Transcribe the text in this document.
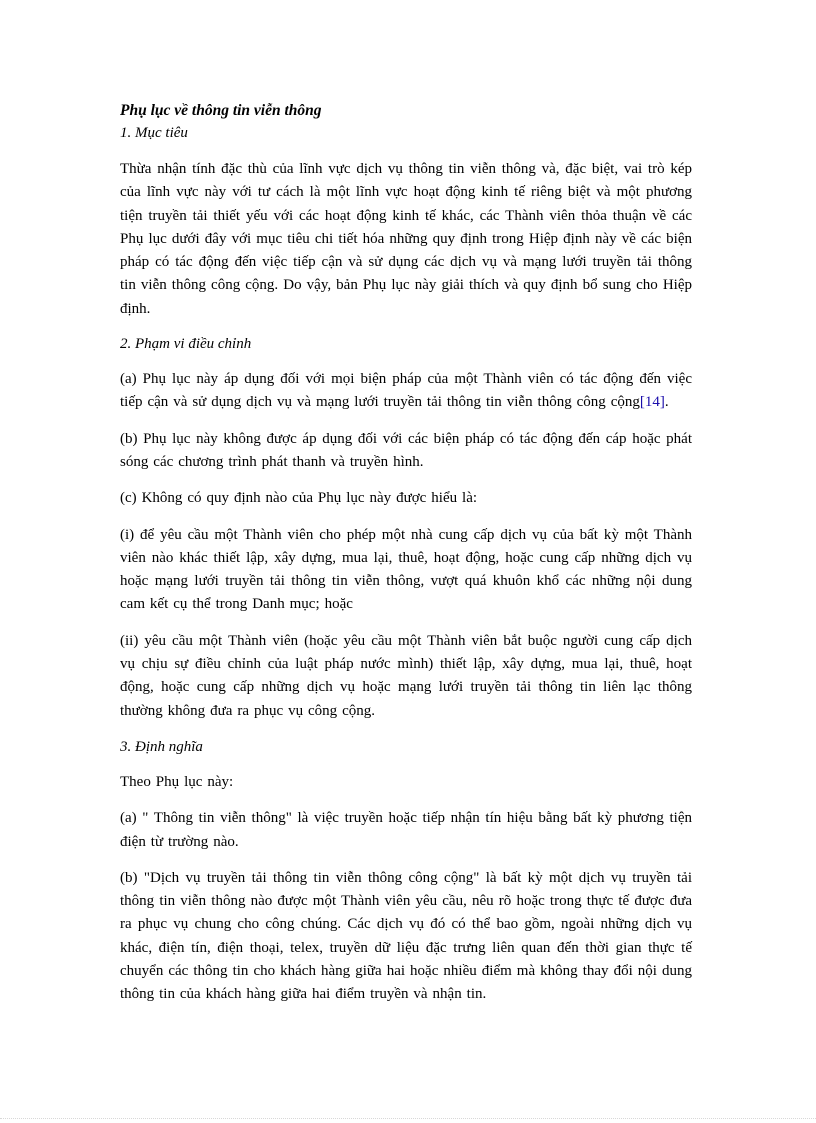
Phụ lục về thông tin viễn thông

1. Mục tiêu

Thừa nhận tính đặc thù của lĩnh vực dịch vụ thông tin viễn thông và, đặc biệt, vai trò kép của lĩnh vực này với tư cách là một lĩnh vực hoạt động kinh tế riêng biệt và một phương tiện truyền tải thiết yếu với các hoạt động kinh tế khác, các Thành viên thỏa thuận về các Phụ lục dưới đây với mục tiêu chi tiết hóa những quy định trong Hiệp định này về các biện pháp có tác động đến việc tiếp cận và sử dụng các dịch vụ và mạng lưới truyền tải thông tin viễn thông công cộng. Do vậy, bản Phụ lục này giải thích và quy định bổ sung cho Hiệp định.

2. Phạm vi điều chỉnh

(a) Phụ lục này áp dụng đối với mọi biện pháp của một Thành viên có tác động đến việc tiếp cận và sử dụng dịch vụ và mạng lưới truyền tải thông tin viễn thông công cộng[14].

(b) Phụ lục này không được áp dụng đối với các biện pháp có tác động đến cáp hoặc phát sóng các chương trình phát thanh và truyền hình.

(c) Không có quy định nào của Phụ lục này được hiểu là:

(i) để yêu cầu một Thành viên cho phép một nhà cung cấp dịch vụ của bất kỳ một Thành viên nào khác thiết lập, xây dựng, mua lại, thuê, hoạt động, hoặc cung cấp những dịch vụ hoặc mạng lưới truyền tải thông tin viễn thông, vượt quá khuôn khổ các những nội dung cam kết cụ thể trong Danh mục; hoặc

(ii) yêu cầu một Thành viên (hoặc yêu cầu một Thành viên bắt buộc người cung cấp dịch vụ chịu sự điều chỉnh của luật pháp nước mình) thiết lập, xây dựng, mua lại, thuê, hoạt động, hoặc cung cấp những dịch vụ hoặc mạng lưới truyền tải thông tin liên lạc thông thường không đưa ra phục vụ công cộng.

3. Định nghĩa

Theo Phụ lục này:

(a) " Thông tin viễn thông" là việc truyền hoặc tiếp nhận tín hiệu bằng bất kỳ phương tiện điện từ trường nào.

(b) "Dịch vụ truyền tải thông tin viễn thông công cộng" là bất kỳ một dịch vụ truyền tải thông tin viễn thông nào được một Thành viên yêu cầu, nêu rõ hoặc trong thực tế được đưa ra phục vụ chung cho công chúng. Các dịch vụ đó có thể bao gồm, ngoài những dịch vụ khác, điện tín, điện thoại, telex, truyền dữ liệu đặc trưng liên quan đến thời gian thực tế chuyển các thông tin cho khách hàng giữa hai hoặc nhiều điểm mà không thay đổi nội dung thông tin của khách hàng giữa hai điểm truyền và nhận tin.
